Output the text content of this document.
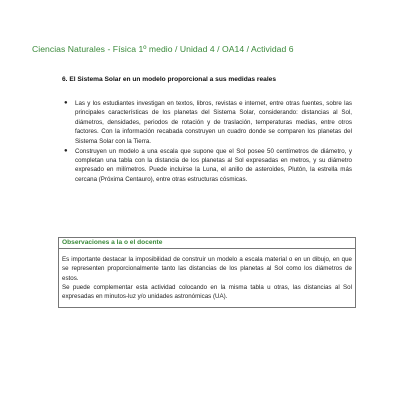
Ciencias Naturales - Física 1º medio / Unidad 4 / OA14 / Actividad 6
6. El Sistema Solar en un modelo proporcional a sus medidas reales
● Las y los estudiantes investigan en textos, libros, revistas e internet, entre otras fuentes, sobre las principales características de los planetas del Sistema Solar, considerando: distancias al Sol, diámetros, densidades, periodos de rotación y de traslación, temperaturas medias, entre otros factores. Con la información recabada construyen un cuadro donde se comparen los planetas del Sistema Solar con la Tierra.
● Construyen un modelo a una escala que supone que el Sol posee 50 centímetros de diámetro, y completan una tabla con la distancia de los planetas al Sol expresadas en metros, y su diámetro expresado en milímetros. Puede incluirse la Luna, el anillo de asteroides, Plutón, la estrella más cercana (Próxima Centauro), entre otras estructuras cósmicas.
Observaciones a la o el docente

Es importante destacar la imposibilidad de construir un modelo a escala material o en un dibujo, en que se representen proporcionalmente tanto las distancias de los planetas al Sol como los diámetros de estos.

Se puede complementar esta actividad colocando en la misma tabla u otras, las distancias al Sol expresadas en minutos-luz y/o unidades astronómicas (UA).
